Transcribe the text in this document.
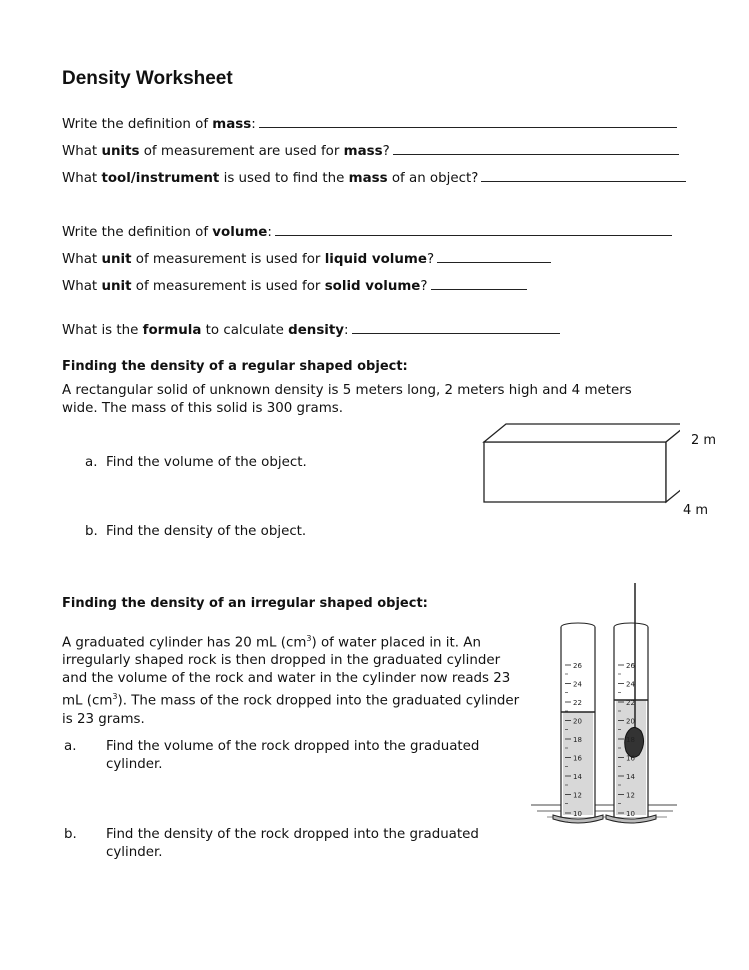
Density Worksheet
Write the definition of mass:
What units of measurement are used for mass?
What tool/instrument is used to find the mass of an object?
Write the definition of volume:
What unit of measurement is used for liquid volume?
What unit of measurement is used for solid volume?
What is the formula to calculate density:
Finding the density of a regular shaped object:
A rectangular solid of unknown density is 5 meters long, 2 meters high and 4 meters wide. The mass of this solid is 300 grams.
a. Find the volume of the object.
b. Find the density of the object.
2 m
4 m
Finding the density of an irregular shaped object:
A graduated cylinder has 20 mL $(cm^3)$ of water placed in it. An irregularly shaped rock is then dropped in the graduated cylinder and the volume of the rock and water in the cylinder now reads 23 mL $(cm^3)$. The mass of the rock dropped into the graduated cylinder is 23 grams.
a. Find the volume of the rock dropped into the graduated cylinder.
b. Find the density of the rock dropped into the graduated cylinder.
26
24
22
20
18
16
14
12
10
26
24
22
20
18
16
14
12
10
